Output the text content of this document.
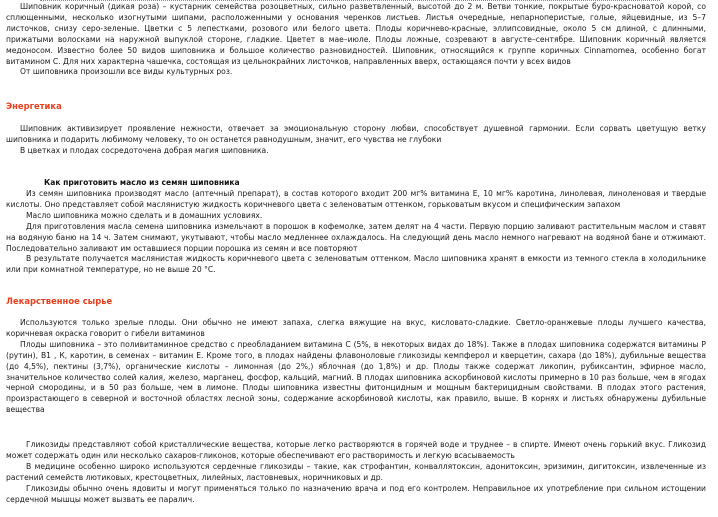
Шиповник коричный (дикая роза) – кустарник семейства розоцветных, сильно разветвленный, высотой до 2 м. Ветви тонкие, покрытые буро-красноватой корой, со сплющенными, несколько изогнутыми шипами, расположенными у основания черенков листьев. Листья очередные, непарноперистые, голые, яйцевидные, из 5–7 листочков, снизу серо-зеленые. Цветки с 5 лепестками, розового или белого цвета. Плоды коричнево-красные, эллипсовидные, около 5 см длиной, с длинными, прижатыми волосками на наружной выпуклой стороне, гладкие. Цветет в мае–июле. Плоды ложные, созревают в августе–сентябре. Шиповник коричный является медоносом. Известно более 50 видов шиповника и большое количество разновидностей. Шиповник, относящийся к группе коричных Cinnamomea, особенно богат витамином С. Для них характерна чашечка, состоящая из цельнокрайних листочков, направленных вверх, остающаяся почти у всех видов

От шиповника произошли все виды культурных роз.

Энергетика

Шиповник активизирует проявление нежности, отвечает за эмоциональную сторону любви, способствует душевной гармонии. Если сорвать цветущую ветку шиповника и подарить любимому человеку, то он останется равнодушным, значит, его чувства не глубоки

В цветках и плодах сосредоточена добрая магия шиповника.

Как приготовить масло из семян шиповника

Из семян шиповника производят масло (аптечный препарат), в состав которого входит 200 мг% витамина Е, 10 мг% каротина, линолевая, линоленовая и твердые кислоты. Оно представляет собой маслянистую жидкость коричневого цвета с зеленоватым оттенком, горьковатым вкусом и специфическим запахом

Масло шиповника можно сделать и в домашних условиях.

Для приготовления масла семена шиповника измельчают в порошок в кофемолке, затем делят на 4 части. Первую порцию заливают растительным маслом и ставят на водяную баню на 14 ч. Затем снимают, укутывают, чтобы масло медленнее охлаждалось. На следующий день масло немного нагревают на водяной бане и отжимают. Последовательно заливают им оставшиеся порции порошка из семян и все повторяют

В результате получается маслянистая жидкость коричневого цвета с зеленоватым оттенком. Масло шиповника хранят в емкости из темного стекла в холодильнике или при комнатной температуре, но не выше 20 °С.

Лекарственное сырье

Используются только зрелые плоды. Они обычно не имеют запаха, слегка вяжущие на вкус, кисловато-сладкие. Светло-оранжевые плоды лучшего качества, коричневая окраска говорит о гибели витаминов

Плоды шиповника – это поливитаминное средство с преобладанием витамина С (5%, в некоторых видах до 18%). Также в плодах шиповника содержатся витамины Р (рутин), В1 , К, каротин, в семенах – витамин Е. Кроме того, в плодах найдены флавоноловые гликозиды кемпферол и кверцетин, сахара (до 18%), дубильные вещества (до 4,5%), пектины (3,7%), органические кислоты – лимонная (до 2%,) яблочная (до 1,8%) и др. Плоды также содержат ликопин, рубиксантин, эфирное масло, значительное количество солей калия, железо, марганец, фосфор, кальций, магний. В плодах шиповника аскорбиновой кислоты примерно в 10 раз больше, чем в ягодах черной смородины, и в 50 раз больше, чем в лимоне. Плоды шиповника известны фитонцидным и мощным бактерицидным свойствами. В плодах этого растения, произрастающего в северной и восточной областях лесной зоны, содержание аскорбиновой кислоты, как правило, выше. В корнях и листьях обнаружены дубильные вещества

Гликозиды представляют собой кристаллические вещества, которые легко растворяются в горячей воде и труднее – в спирте. Имеют очень горький вкус. Гликозид может содержать один или несколько сахаров-гликонов, которые обеспечивают его растворимость и легкую всасываемость

В медицине особенно широко используются сердечные гликозиды – такие, как строфантин, конваллятоксин, адонитоксин, эризимин, дигитоксин, извлеченные из растений семейств лютиковых, крестоцветных, лилейных, ластовневых, норичниковых и др.

Гликозиды обычно очень ядовиты и могут применяться только по назначению врача и под его контролем. Неправильное их употребление при сильном истощении сердечной мышцы может вызвать ее паралич.
